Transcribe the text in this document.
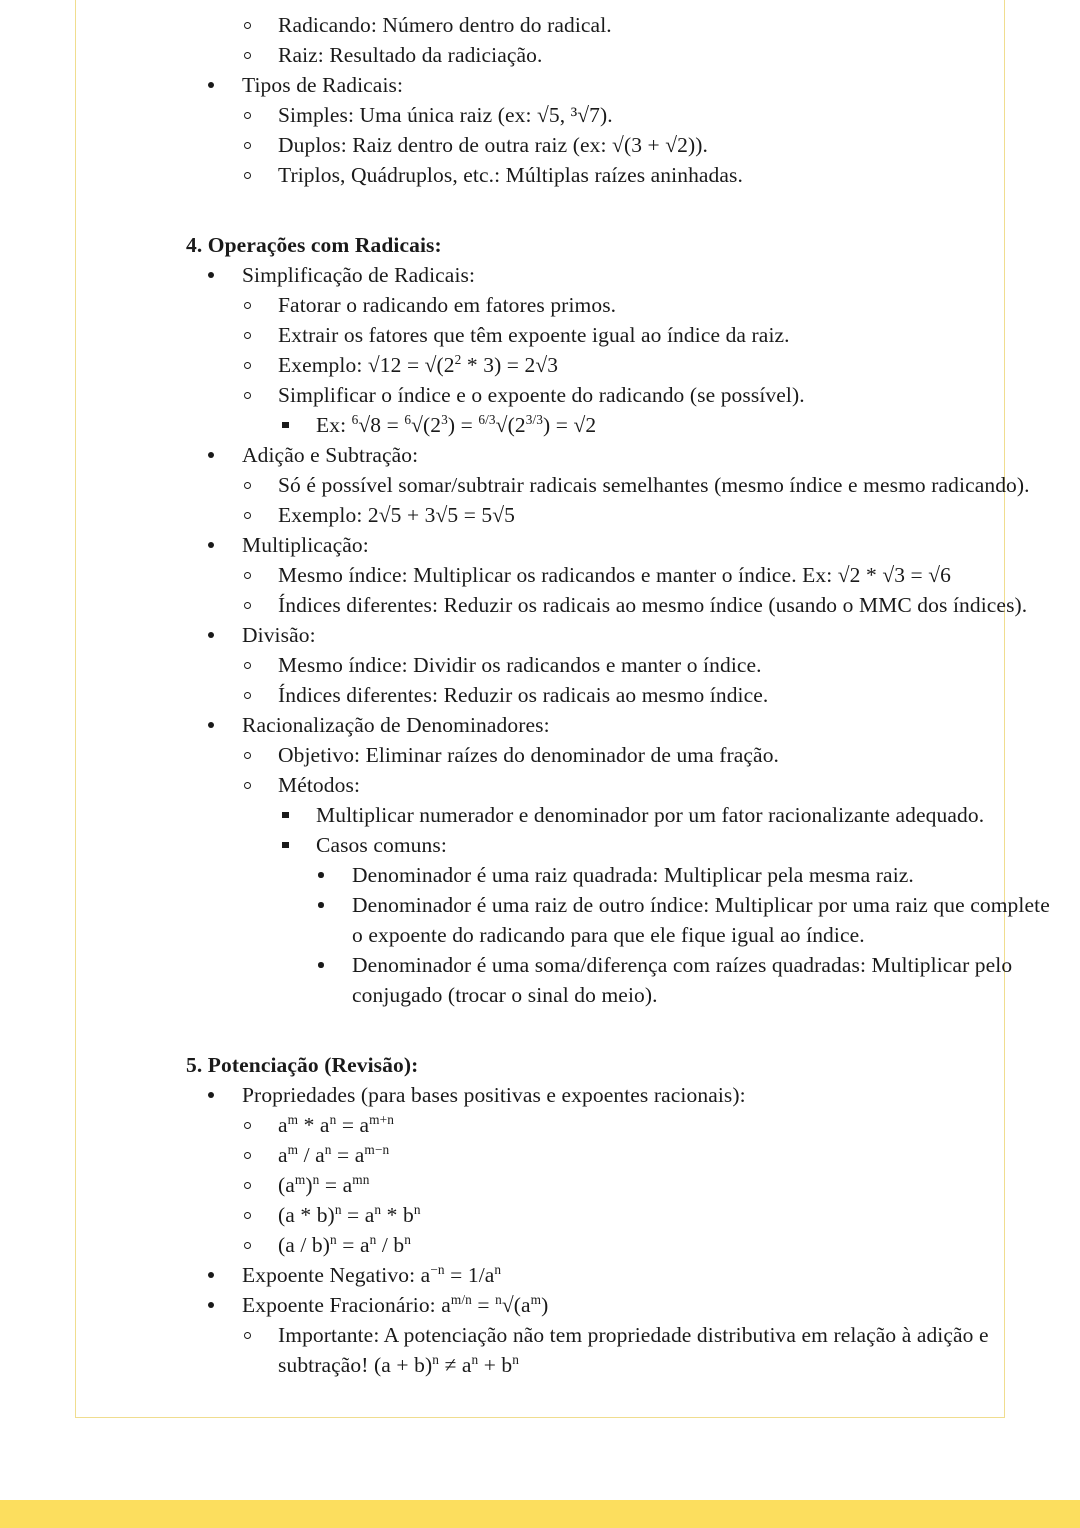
Radicando: Número dentro do radical.

Raiz: Resultado da radiciação.

Tipos de Radicais:

Simples: Uma única raiz (ex: √5, ³√7).

Duplos: Raiz dentro de outra raiz (ex: √(3 + √2)).

Triplos, Quádruplos, etc.: Múltiplas raízes aninhadas.

4. Operações com Radicais:

Simplificação de Radicais:

Fatorar o radicando em fatores primos.

Extrair os fatores que têm expoente igual ao índice da raiz.

Exemplo: $√12 = √(2^2 * 3) = 2√3$

Simplificar o índice e o expoente do radicando (se possível).

Ex: $^6√8 = ^6√(2^3) = ^{6/3}√(2^{3/3}) = √2$

Adição e Subtração:

Só é possível somar/subtrair radicais semelhantes (mesmo índice e mesmo radicando).

Exemplo: 2√5 + 3√5 = 5√5

Multiplicação:

Mesmo índice: Multiplicar os radicandos e manter o índice. Ex: √2 * √3 = √6

Índices diferentes: Reduzir os radicais ao mesmo índice (usando o MMC dos índices).

Divisão:

Mesmo índice: Dividir os radicandos e manter o índice.

Índices diferentes: Reduzir os radicais ao mesmo índice.

Racionalização de Denominadores:

Objetivo: Eliminar raízes do denominador de uma fração.

Métodos:

Multiplicar numerador e denominador por um fator racionalizante adequado.

Casos comuns:

Denominador é uma raiz quadrada: Multiplicar pela mesma raiz.

Denominador é uma raiz de outro índice: Multiplicar por uma raiz que complete o expoente do radicando para que ele fique igual ao índice.

Denominador é uma soma/diferença com raízes quadradas: Multiplicar pelo conjugado (trocar o sinal do meio).

5. Potenciação (Revisão):

Propriedades (para bases positivas e expoentes racionais):

$a^m * a^n = a^{m+n}$

$a^m / a^n = a^{m-n}$

$(a^m)^n = a^{mn}$

$(a * b)^n = a^n * b^n$

$(a / b)^n = a^n / b^n$

Expoente Negativo: $a^{-n} = 1/a^n$

Expoente Fracionário: $a^{m/n} = ^n√(a^m)$

Importante: A potenciação não tem propriedade distributiva em relação à adição e subtração! $(a + b)^n \ne a^n + b^n$
